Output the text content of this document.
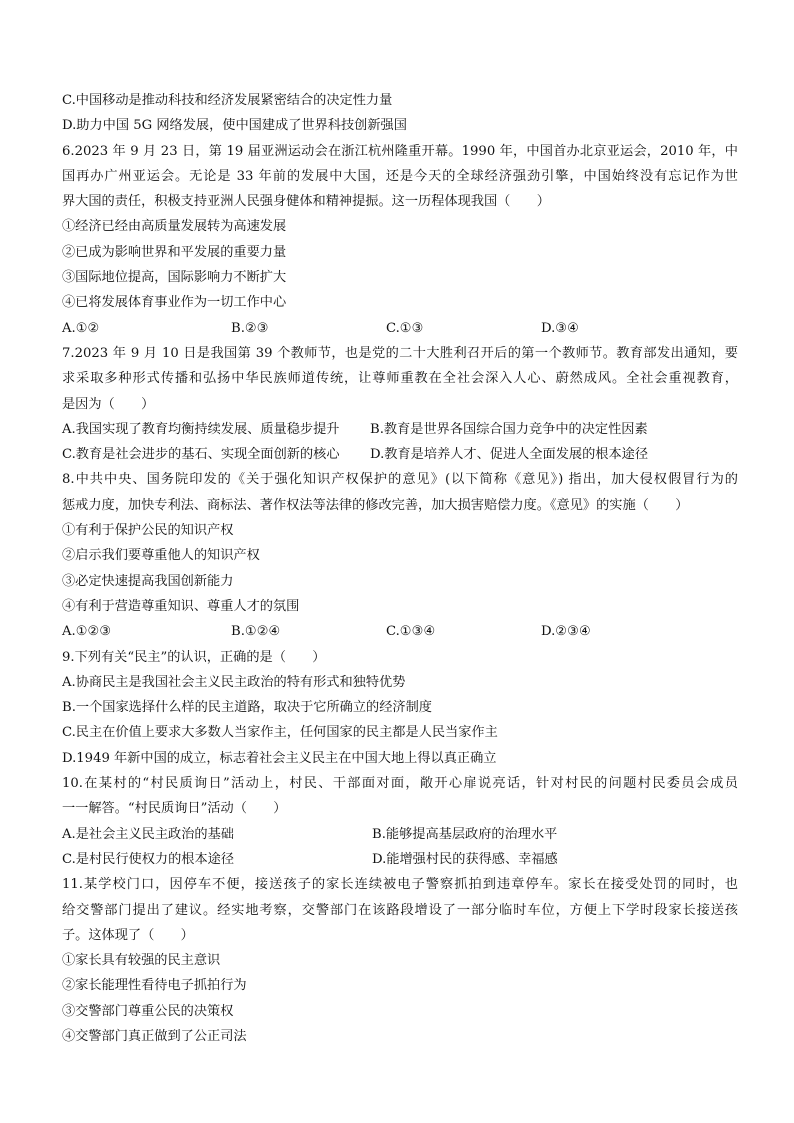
C.中国移动是推动科技和经济发展紧密结合的决定性力量
D.助力中国 5G 网络发展，使中国建成了世界科技创新强国
6.2023 年 9 月 23 日，第 19 届亚洲运动会在浙江杭州隆重开幕。1990 年，中国首办北京亚运会，2010 年，中
国再办广州亚运会。无论是 33 年前的发展中大国，还是今天的全球经济强劲引擎，中国始终没有忘记作为世
界大国的责任，积极支持亚洲人民强身健体和精神提振。这一历程体现我国（　　）
①经济已经由高质量发展转为高速发展
②已成为影响世界和平发展的重要力量
③国际地位提高，国际影响力不断扩大
④已将发展体育事业作为一切工作中心
A.①②	B.②③	C.①③	D.③④
7.2023 年 9 月 10 日是我国第 39 个教师节，也是党的二十大胜利召开后的第一个教师节。教育部发出通知，要
求采取多种形式传播和弘扬中华民族师道传统，让尊师重教在全社会深入人心、蔚然成风。全社会重视教育，
是因为（　　）
A.我国实现了教育均衡持续发展、质量稳步提升	B.教育是世界各国综合国力竞争中的决定性因素
C.教育是社会进步的基石、实现全面创新的核心	D.教育是培养人才、促进人全面发展的根本途径
8.中共中央、国务院印发的《关于强化知识产权保护的意见》(以下简称《意见》) 指出，加大侵权假冒行为的
惩戒力度，加快专利法、商标法、著作权法等法律的修改完善，加大损害赔偿力度。《意见》的实施（　　）
①有利于保护公民的知识产权
②启示我们要尊重他人的知识产权
③必定快速提高我国创新能力
④有利于营造尊重知识、尊重人才的氛围
A.①②③	B.①②④	C.①③④	D.②③④
9.下列有关“民主”的认识，正确的是（　　）
A.协商民主是我国社会主义民主政治的特有形式和独特优势
B.一个国家选择什么样的民主道路，取决于它所确立的经济制度
C.民主在价值上要求大多数人当家作主，任何国家的民主都是人民当家作主
D.1949 年新中国的成立，标志着社会主义民主在中国大地上得以真正确立
10.在某村的“村民质询日”活动上，村民、干部面对面，敞开心扉说亮话，针对村民的问题村民委员会成员
一一解答。“村民质询日”活动（　　）
A.是社会主义民主政治的基础	B.能够提高基层政府的治理水平
C.是村民行使权力的根本途径	D.能增强村民的获得感、幸福感
11.某学校门口，因停车不便，接送孩子的家长连续被电子警察抓拍到违章停车。家长在接受处罚的同时，也
给交警部门提出了建议。经实地考察，交警部门在该路段增设了一部分临时车位，方便上下学时段家长接送孩
子。这体现了（　　）
①家长具有较强的民主意识
②家长能理性看待电子抓拍行为
③交警部门尊重公民的决策权
④交警部门真正做到了公正司法
